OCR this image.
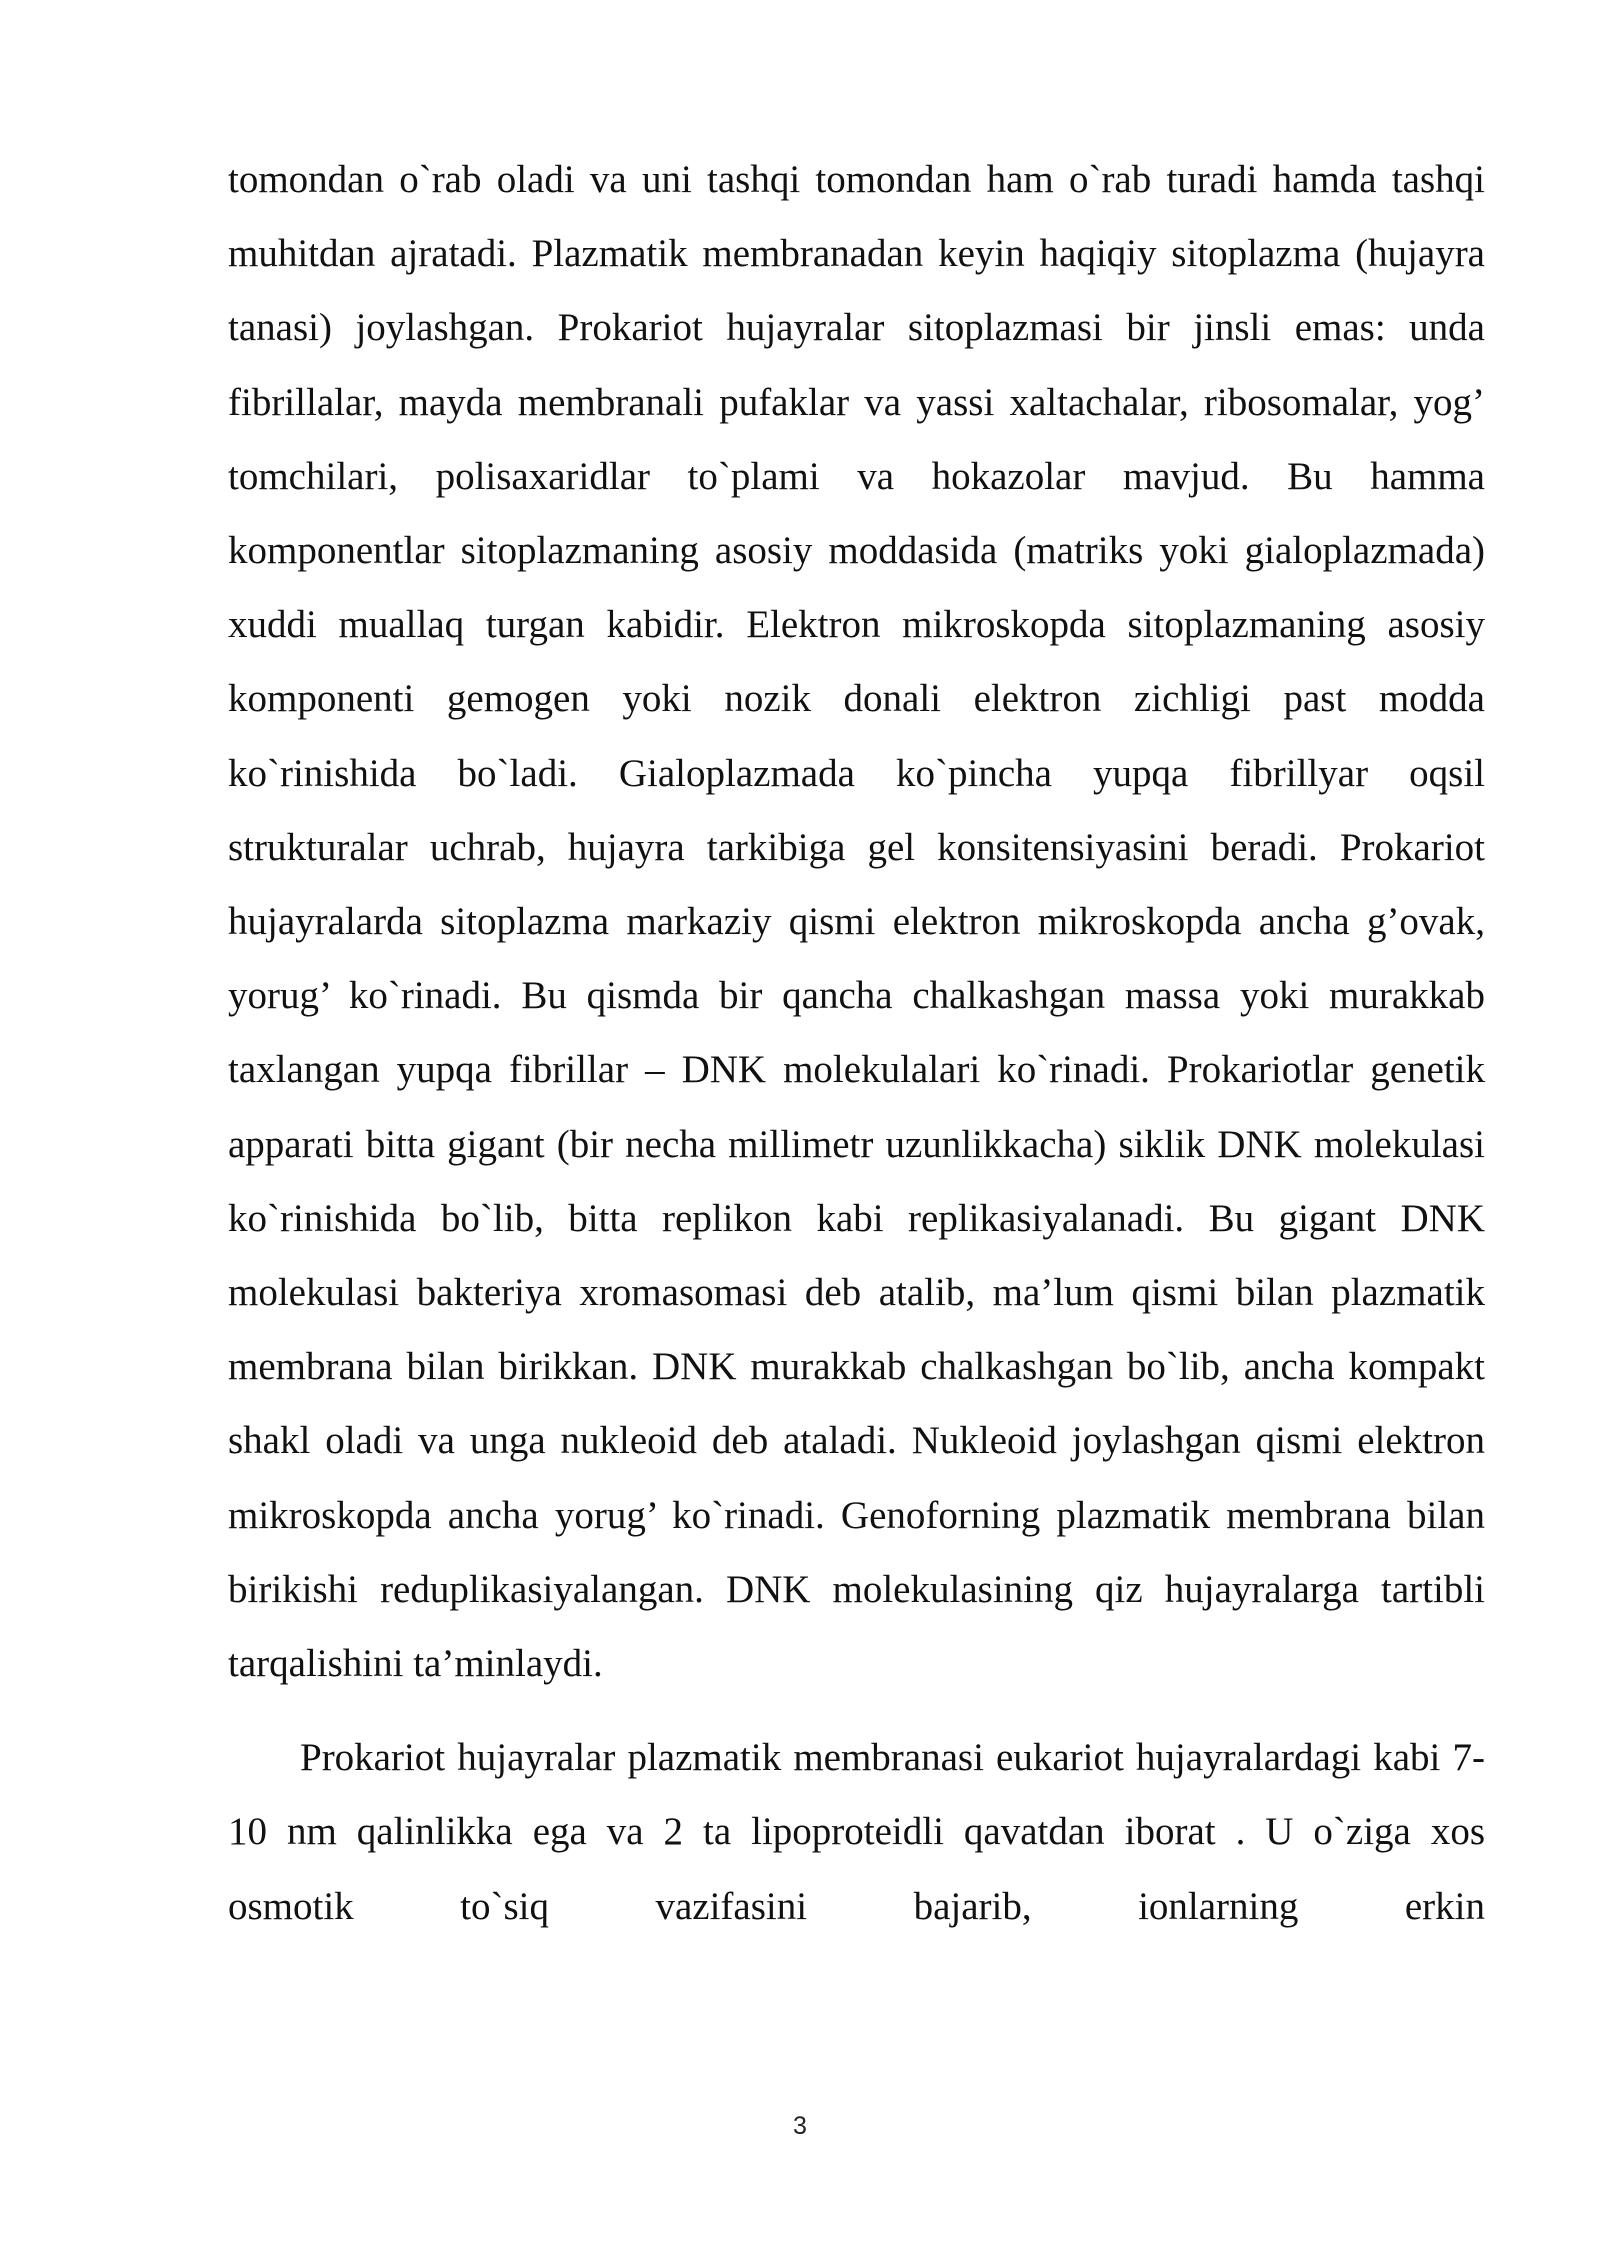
tomondan o`rab oladi va uni tashqi tomondan ham o`rab turadi hamda tashqi muhitdan ajratadi. Plazmatik membranadan keyin haqiqiy sitoplazma (hujayra tanasi) joylashgan. Prokariot hujayralar sitoplazmasi bir jinsli emas: unda fibrillalar, mayda membranali pufaklar va yassi xaltachalar, ribosomalar, yog’ tomchilari, polisaxaridlar to`plami va hokazolar mavjud. Bu hamma komponentlar sitoplazmaning asosiy moddasida (matriks yoki gialoplazmada) xuddi muallaq turgan kabidir. Elektron mikroskopda sitoplazmaning asosiy komponenti gemogen yoki nozik donali elektron zichligi past modda ko`rinishida bo`ladi. Gialoplazmada ko`pincha yupqa fibrillyar oqsil strukturalar uchrab, hujayra tarkibiga gel konsitensiyasini beradi. Prokariot hujayralarda sitoplazma markaziy qismi elektron mikroskopda ancha g’ovak, yorug’ ko`rinadi. Bu qismda bir qancha chalkashgan massa yoki murakkab taxlangan yupqa fibrillar – DNK molekulalari ko`rinadi. Prokariotlar genetik apparati bitta gigant (bir necha millimetr uzunlikkacha) siklik DNK molekulasi ko`rinishida bo`lib, bitta replikon kabi replikasiyalanadi. Bu gigant DNK molekulasi bakteriya xromasomasi deb atalib, ma’lum qismi bilan plazmatik membrana bilan birikkan. DNK murakkab chalkashgan bo`lib, ancha kompakt shakl oladi va unga nukleoid deb ataladi. Nukleoid joylashgan qismi elektron mikroskopda ancha yorug’ ko`rinadi. Genoforning plazmatik membrana bilan birikishi reduplikasiyalangan. DNK molekulasining qiz hujayralarga tartibli tarqalishini ta’minlaydi.

Prokariot hujayralar plazmatik membranasi eukariot hujayralardagi kabi 7-10 nm qalinlikka ega va 2 ta lipoproteidli qavatdan iborat . U o`ziga xos osmotik to`siq vazifasini bajarib, ionlarning erkin

3
